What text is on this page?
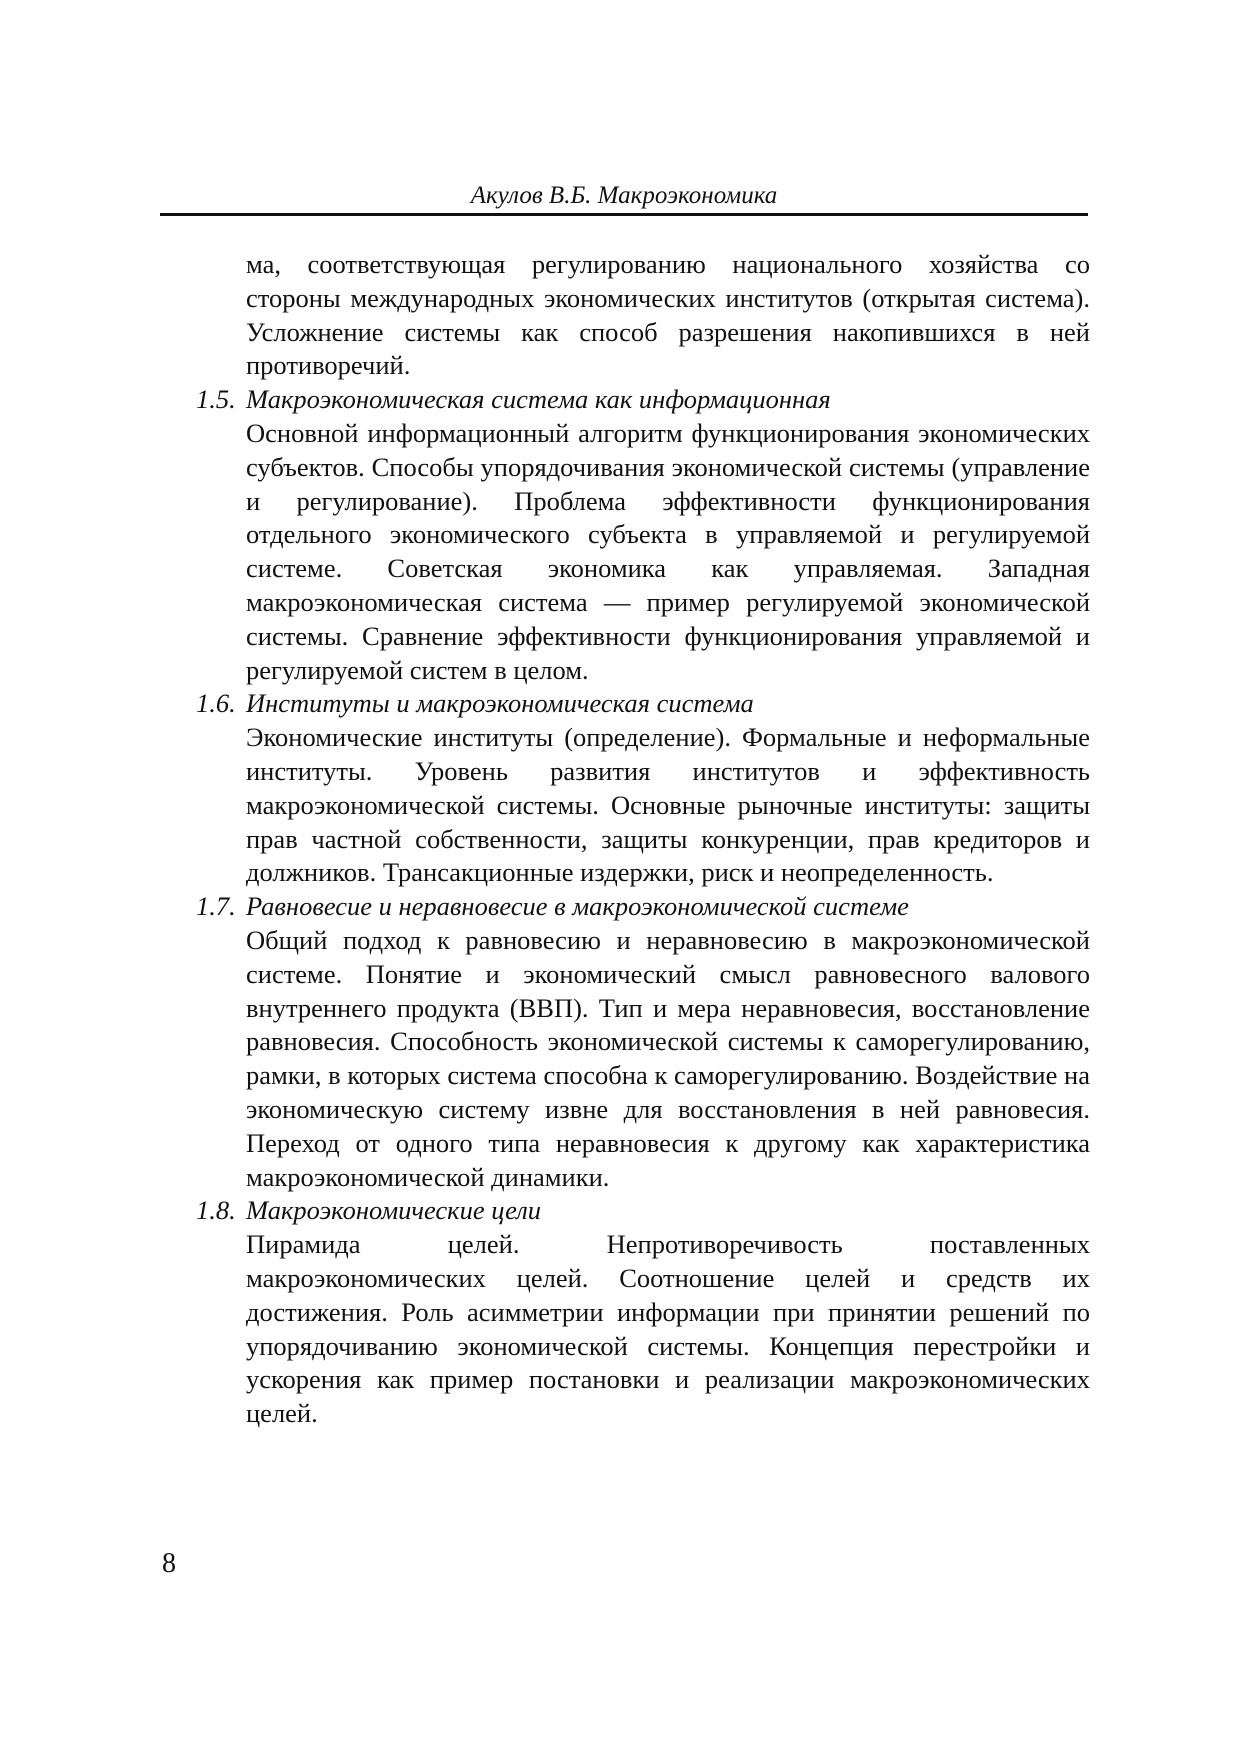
Акулов В.Б. Макроэкономика

ма, соответствующая регулированию национального хозяйства со стороны международных экономических институтов (открытая система). Усложнение системы как способ разрешения накопившихся в ней противоречий.

1.5. Макроэкономическая система как информационная

Основной информационный алгоритм функционирования экономических субъектов. Способы упорядочивания экономической системы (управление и регулирование). Проблема эффективности функционирования отдельного экономического субъекта в управляемой и регулируемой системе. Советская экономика как управляемая. Западная макроэкономическая система — пример регулируемой экономической системы. Сравнение эффективности функционирования управляемой и регулируемой систем в целом.

1.6. Институты и макроэкономическая система

Экономические институты (определение). Формальные и неформальные институты. Уровень развития институтов и эффективность макроэкономической системы. Основные рыночные институты: защиты прав частной собственности, защиты конкуренции, прав кредиторов и должников. Трансакционные издержки, риск и неопределенность.

1.7. Равновесие и неравновесие в макроэкономической системе

Общий подход к равновесию и неравновесию в макроэкономической системе. Понятие и экономический смысл равновесного валового внутреннего продукта (ВВП). Тип и мера неравновесия, восстановление равновесия. Способность экономической системы к саморегулированию, рамки, в которых система способна к саморегулированию. Воздействие на экономическую систему извне для восстановления в ней равновесия. Переход от одного типа неравновесия к другому как характеристика макроэкономической динамики.

1.8. Макроэкономические цели

Пирамида целей. Непротиворечивость поставленных макроэкономических целей. Соотношение целей и средств их достижения. Роль асимметрии информации при принятии решений по упорядочиванию экономической системы. Концепция перестройки и ускорения как пример постановки и реализации макроэкономических целей.

8
